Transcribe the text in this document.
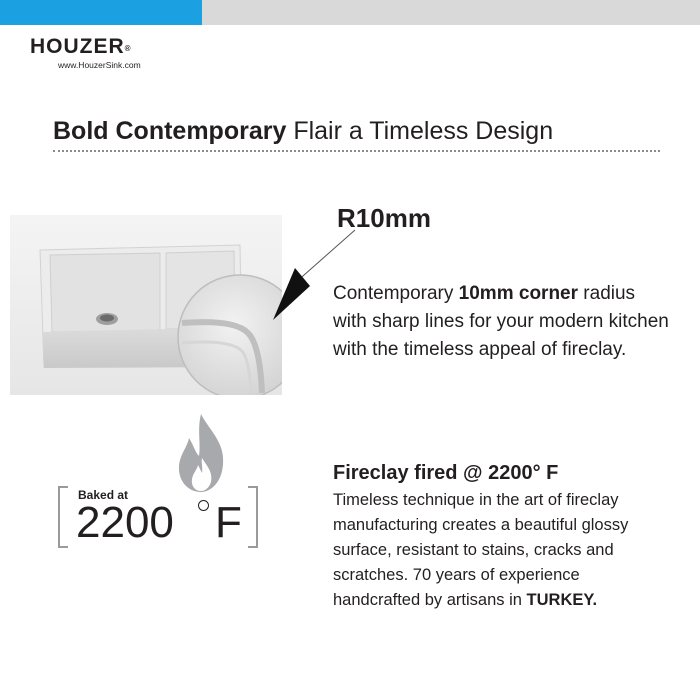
HOUZER®
www.HouzerSink.com
Bold Contemporary Flair a Timeless Design
R10mm

Contemporary 10mm corner radius

with sharp lines for your modern kitchen

with the timeless appeal of fireclay.

Baked at
2200 F
Fireclay fired @ 2200° F

Timeless technique in the art of fireclay

manufacturing creates a beautiful glossy

surface, resistant to stains, cracks and

scratches. 70 years of experience

handcrafted by artisans in TURKEY.
